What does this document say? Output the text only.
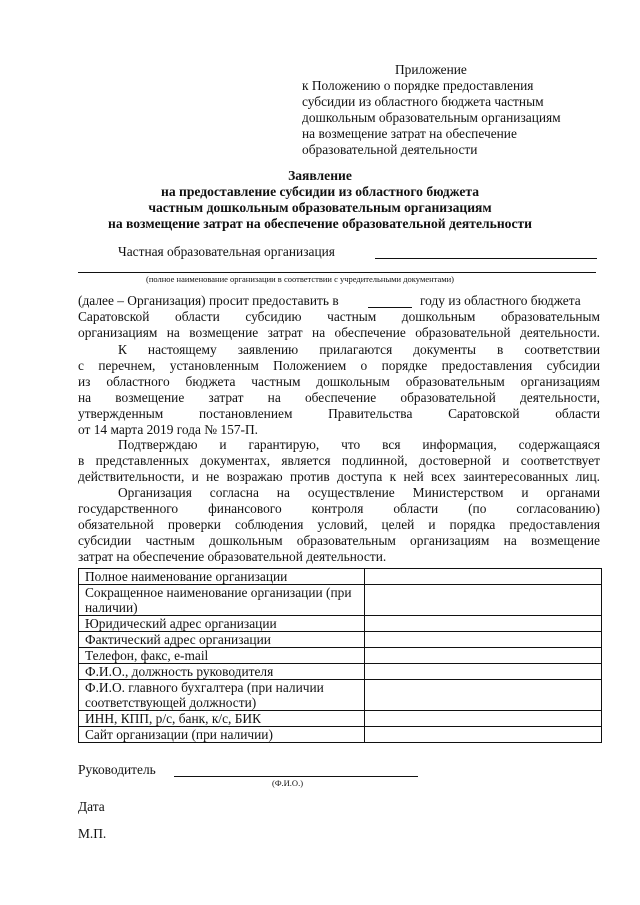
Приложение
к Положению о порядке предоставления
субсидии из областного бюджета частным
дошкольным образовательным организациям
на возмещение затрат на обеспечение
образовательной деятельности
Заявление
на предоставление субсидии из областного бюджета
частным дошкольным образовательным организациям
на возмещение затрат на обеспечение образовательной деятельности
Частная образовательная организация
(полное наименование организации в соответствии с учредительными документами)
(далее – Организация) просит предоставить в	году из областного бюджета
Саратовской области субсидию частным дошкольным образовательным
организациям на возмещение затрат на обеспечение образовательной деятельности.
К настоящему заявлению прилагаются документы в соответствии
с перечнем, установленным Положением о порядке предоставления субсидии
из областного бюджета частным дошкольным образовательным организациям
на возмещение затрат на обеспечение образовательной деятельности,
утвержденным постановлением Правительства Саратовской области
от 14 марта 2019 года № 157-П.
Подтверждаю и гарантирую, что вся информация, содержащаяся
в представленных документах, является подлинной, достоверной и соответствует
действительности, и не возражаю против доступа к ней всех заинтересованных лиц.
Организация согласна на осуществление Министерством и органами
государственного финансового контроля области (по согласованию)
обязательной проверки соблюдения условий, целей и порядка предоставления
субсидии частным дошкольным образовательным организациям на возмещение
затрат на обеспечение образовательной деятельности.
Полное наименование организации	
Сокращенное наименование организации (при наличии)	
Юридический адрес организации	
Фактический адрес организации	
Телефон, факс, e-mail	
Ф.И.О., должность руководителя	
Ф.И.О. главного бухгалтера (при наличии соответствующей должности)	
ИНН, КПП, р/с, банк, к/с, БИК	
Сайт организации (при наличии)	
Руководитель
(Ф.И.О.)
Дата
М.П.
